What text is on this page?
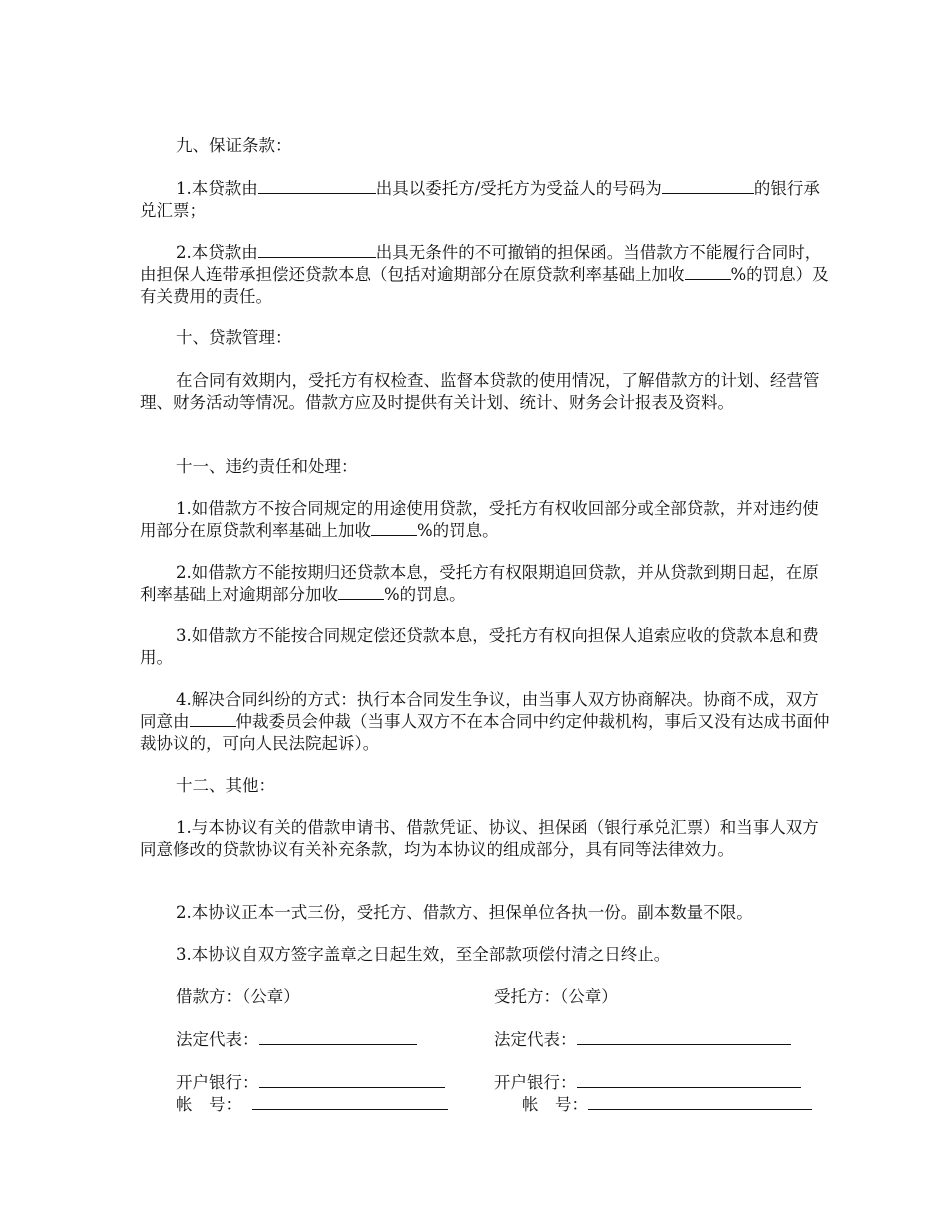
九、保证条款：

1.本贷款由	出具以委托方/受托方为受益人的号码为	的银行承兑汇票；

2.本贷款由	出具无条件的不可撤销的担保函。当借款方不能履行合同时，由担保人连带承担偿还贷款本息（包括对逾期部分在原贷款利率基础上加收	%的罚息）及有关费用的责任。

十、贷款管理：

在合同有效期内，受托方有权检查、监督本贷款的使用情况，了解借款方的计划、经营管理、财务活动等情况。借款方应及时提供有关计划、统计、财务会计报表及资料。

十一、违约责任和处理：

1.如借款方不按合同规定的用途使用贷款，受托方有权收回部分或全部贷款，并对违约使用部分在原贷款利率基础上加收	%的罚息。

2.如借款方不能按期归还贷款本息，受托方有权限期追回贷款，并从贷款到期日起，在原利率基础上对逾期部分加收	%的罚息。

3.如借款方不能按合同规定偿还贷款本息，受托方有权向担保人追索应收的贷款本息和费用。

4.解决合同纠纷的方式：执行本合同发生争议，由当事人双方协商解决。协商不成，双方同意由	仲裁委员会仲裁（当事人双方不在本合同中约定仲裁机构，事后又没有达成书面仲裁协议的，可向人民法院起诉）。

十二、其他：

1.与本协议有关的借款申请书、借款凭证、协议、担保函（银行承兑汇票）和当事人双方同意修改的贷款协议有关补充条款，均为本协议的组成部分，具有同等法律效力。

2.本协议正本一式三份，受托方、借款方、担保单位各执一份。副本数量不限。

3.本协议自双方签字盖章之日起生效，至全部款项偿付清之日终止。

借款方：（公章）	受托方：（公章）
法定代表：	法定代表：
开户银行：	开户银行：
帐　号：	帐　号：
